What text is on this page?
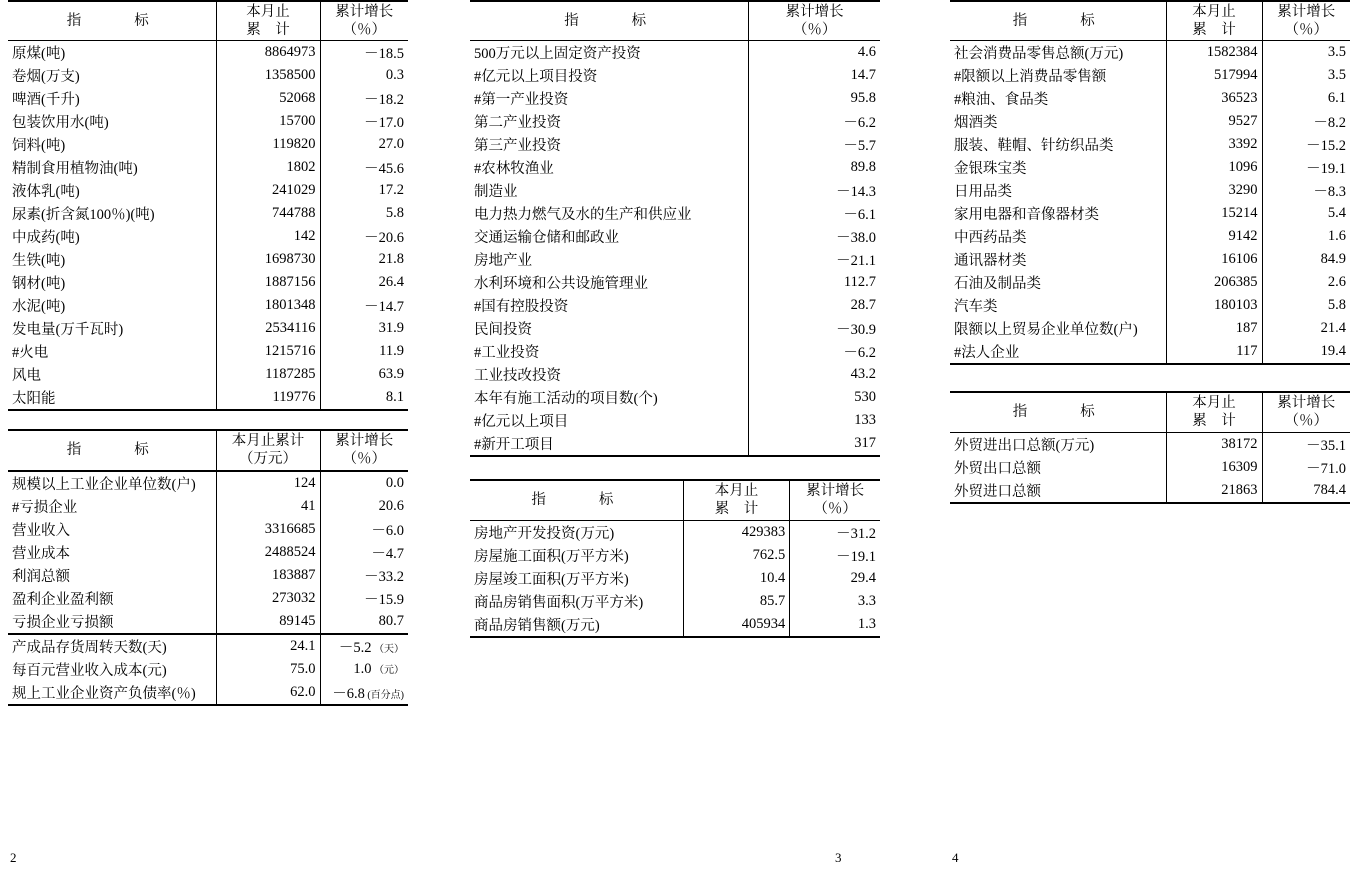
指　　标	
本月止
累　计

累计增长
（％）

原煤(吨)	8864973	－18.5
卷烟(万支)	1358500	0.3
啤酒(千升)	52068	－18.2
包装饮用水(吨)	15700	－17.0
饲料(吨)	119820	27.0
精制食用植物油(吨)	1802	－45.6
液体乳(吨)	241029	17.2
尿素(折含氮100％)(吨)	744788	5.8
中成药(吨)	142	－20.6
生铁(吨)	1698730	21.8
钢材(吨)	1887156	26.4
水泥(吨)	1801348	－14.7
发电量(万千瓦时)	2534116	31.9
#火电	1215716	11.9
风电	1187285	63.9
太阳能	119776	8.1
指　　标	
本月止累计
（万元）

累计增长
（％）

规模以上工业企业单位数(户)	124	0.0
#亏损企业	41	20.6
营业收入	3316685	－6.0
营业成本	2488524	－4.7
利润总额	183887	－33.2
盈利企业盈利额	273032	－15.9
亏损企业亏损额	89145	80.7
产成品存货周转天数(天)	24.1	－5.2 （天）
每百元营业收入成本(元)	75.0	1.0 （元）
规上工业企业资产负债率(％)	62.0	－6.8 (百分点)
指　　标	累计增长
（％）

500万元以上固定资产投资	4.6
#亿元以上项目投资	14.7
#第一产业投资	95.8
第二产业投资	－6.2
第三产业投资	－5.7
#农林牧渔业	89.8
制造业	－14.3
电力热力燃气及水的生产和供应业	－6.1
交通运输仓储和邮政业	－38.0
房地产业	－21.1
水利环境和公共设施管理业	112.7
#国有控股投资	28.7
民间投资	－30.9
#工业投资	－6.2
工业技改投资	43.2
本年有施工活动的项目数(个)	530
#亿元以上项目	133
#新开工项目	317
指　　标	
本月止
累　计

累计增长
（％）

房地产开发投资(万元)	429383	－31.2
房屋施工面积(万平方米)	762.5	－19.1
房屋竣工面积(万平方米)	10.4	29.4
商品房销售面积(万平方米)	85.7	3.3
商品房销售额(万元)	405934	1.3
指　　标	
本月止
累　计

累计增长
（％）

社会消费品零售总额(万元)	1582384	3.5
#限额以上消费品零售额	517994	3.5
#粮油、食品类	36523	6.1
烟酒类	9527	－8.2
服装、鞋帽、针纺织品类	3392	－15.2
金银珠宝类	1096	－19.1
日用品类	3290	－8.3
家用电器和音像器材类	15214	5.4
中西药品类	9142	1.6
通讯器材类	16106	84.9
石油及制品类	206385	2.6
汽车类	180103	5.8
限额以上贸易企业单位数(户)	187	21.4
#法人企业	117	19.4
指　　标	
本月止
累　计

累计增长
（％）

外贸进出口总额(万元)	38172	－35.1
外贸出口总额	16309	－71.0
外贸进口总额	21863	784.4
2	3	4
